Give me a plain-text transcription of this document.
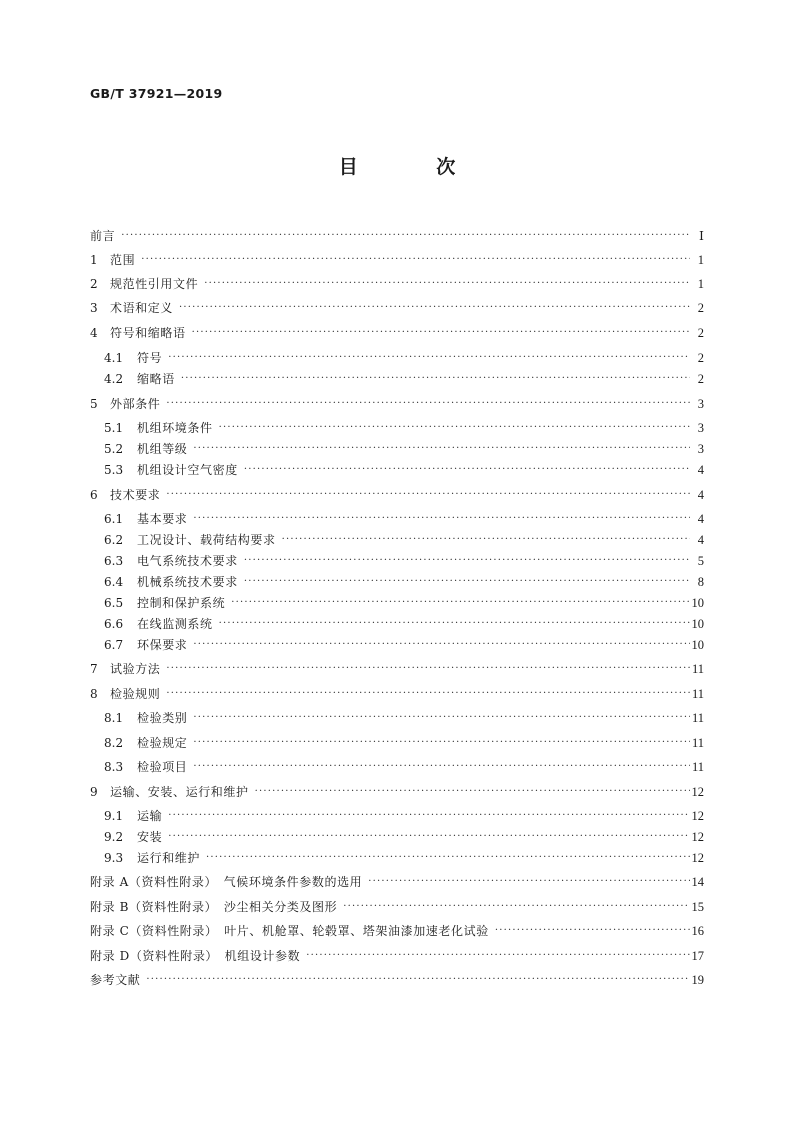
GB/T 37921—2019
目 次
前言 ·····	Ⅰ
1	范围 ·····	1
2	规范性引用文件 ·····	1
3	术语和定义 ·····	2
4	符号和缩略语 ·····	2
4.1	符号 ·····	2
4.2	缩略语 ·····	2
5	外部条件 ·····	3
5.1	机组环境条件 ·····	3
5.2	机组等级 ·····	3
5.3	机组设计空气密度 ·····	4
6	技术要求 ·····	4
6.1	基本要求 ·····	4
6.2	工况设计、载荷结构要求 ·····	4
6.3	电气系统技术要求 ·····	5
6.4	机械系统技术要求 ·····	8
6.5	控制和保护系统 ·····	10
6.6	在线监测系统 ·····	10
6.7	环保要求 ·····	10
7	试验方法 ·····	11
8	检验规则 ·····	11
8.1	检验类别 ·····	11
8.2	检验规定 ·····	11
8.3	检验项目 ·····	11
9	运输、安装、运行和维护 ·····	12
9.1	运输 ·····	12
9.2	安装 ·····	12
9.3	运行和维护 ·····	12
附录 A（资料性附录）　气候环境条件参数的选用 ·····	14
附录 B（资料性附录）　沙尘相关分类及图形 ·····	15
附录 C（资料性附录）　叶片、机舱罩、轮毂罩、塔架油漆加速老化试验 ·····	16
附录 D（资料性附录）　机组设计参数 ·····	17
参考文献 ·····	19
